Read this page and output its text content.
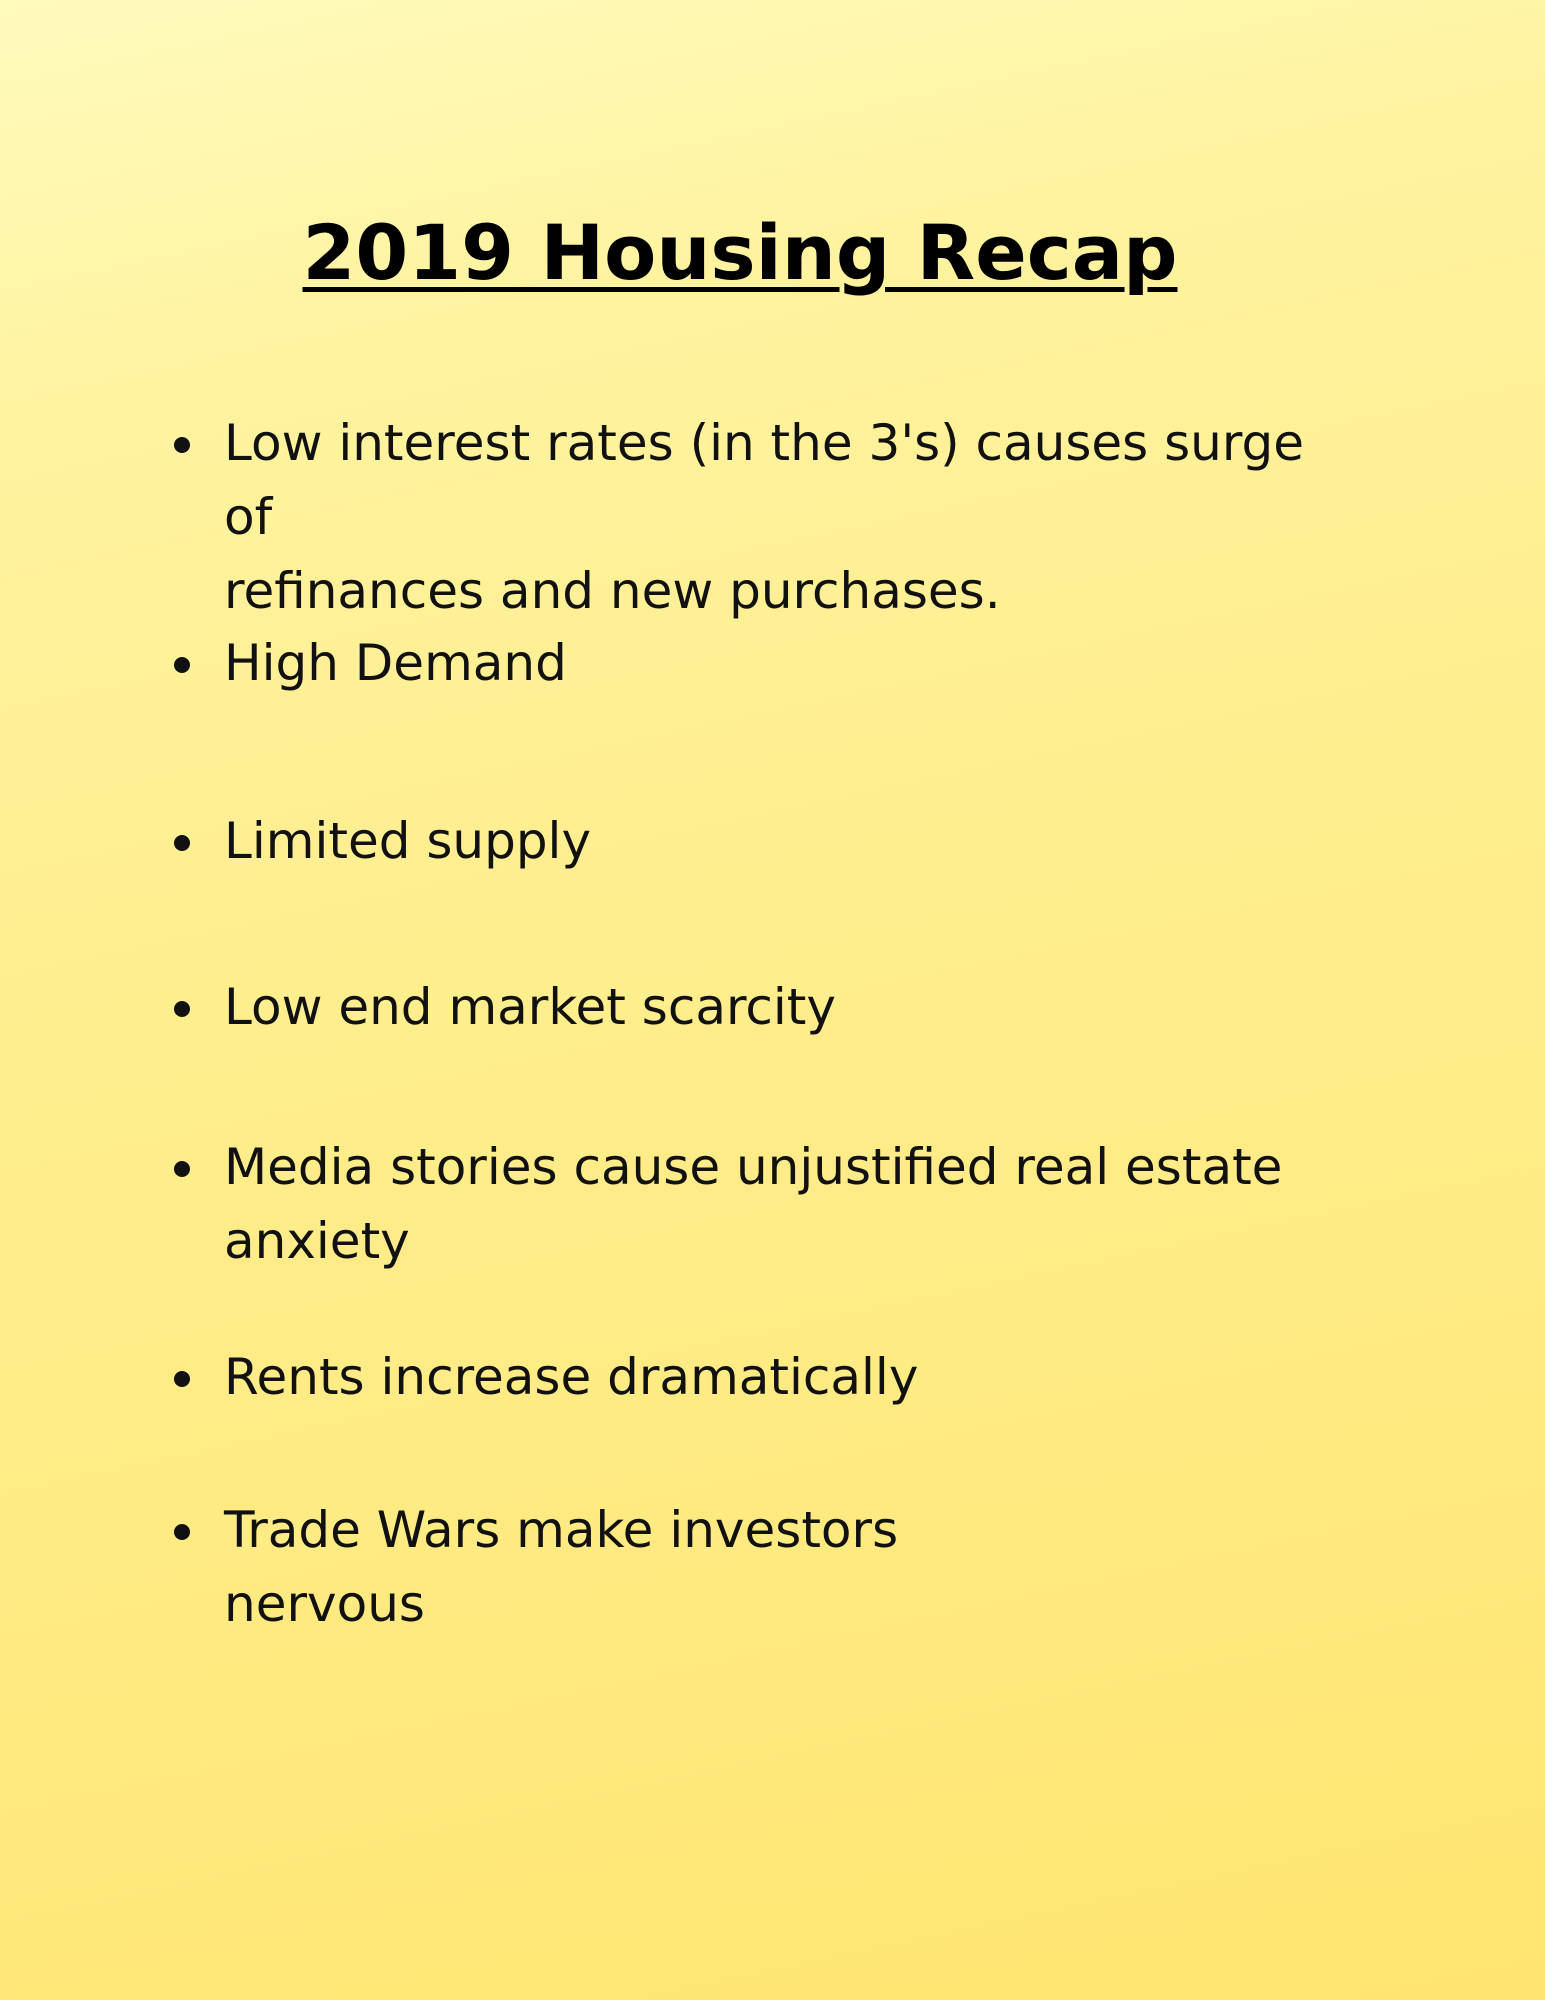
2019 Housing Recap
Low interest rates (in the 3's) causes surge of
refinances and new purchases.
High Demand
Limited supply
Low end market scarcity
Media stories cause unjustified real estate
anxiety
Rents increase dramatically
Trade Wars make investors
nervous
